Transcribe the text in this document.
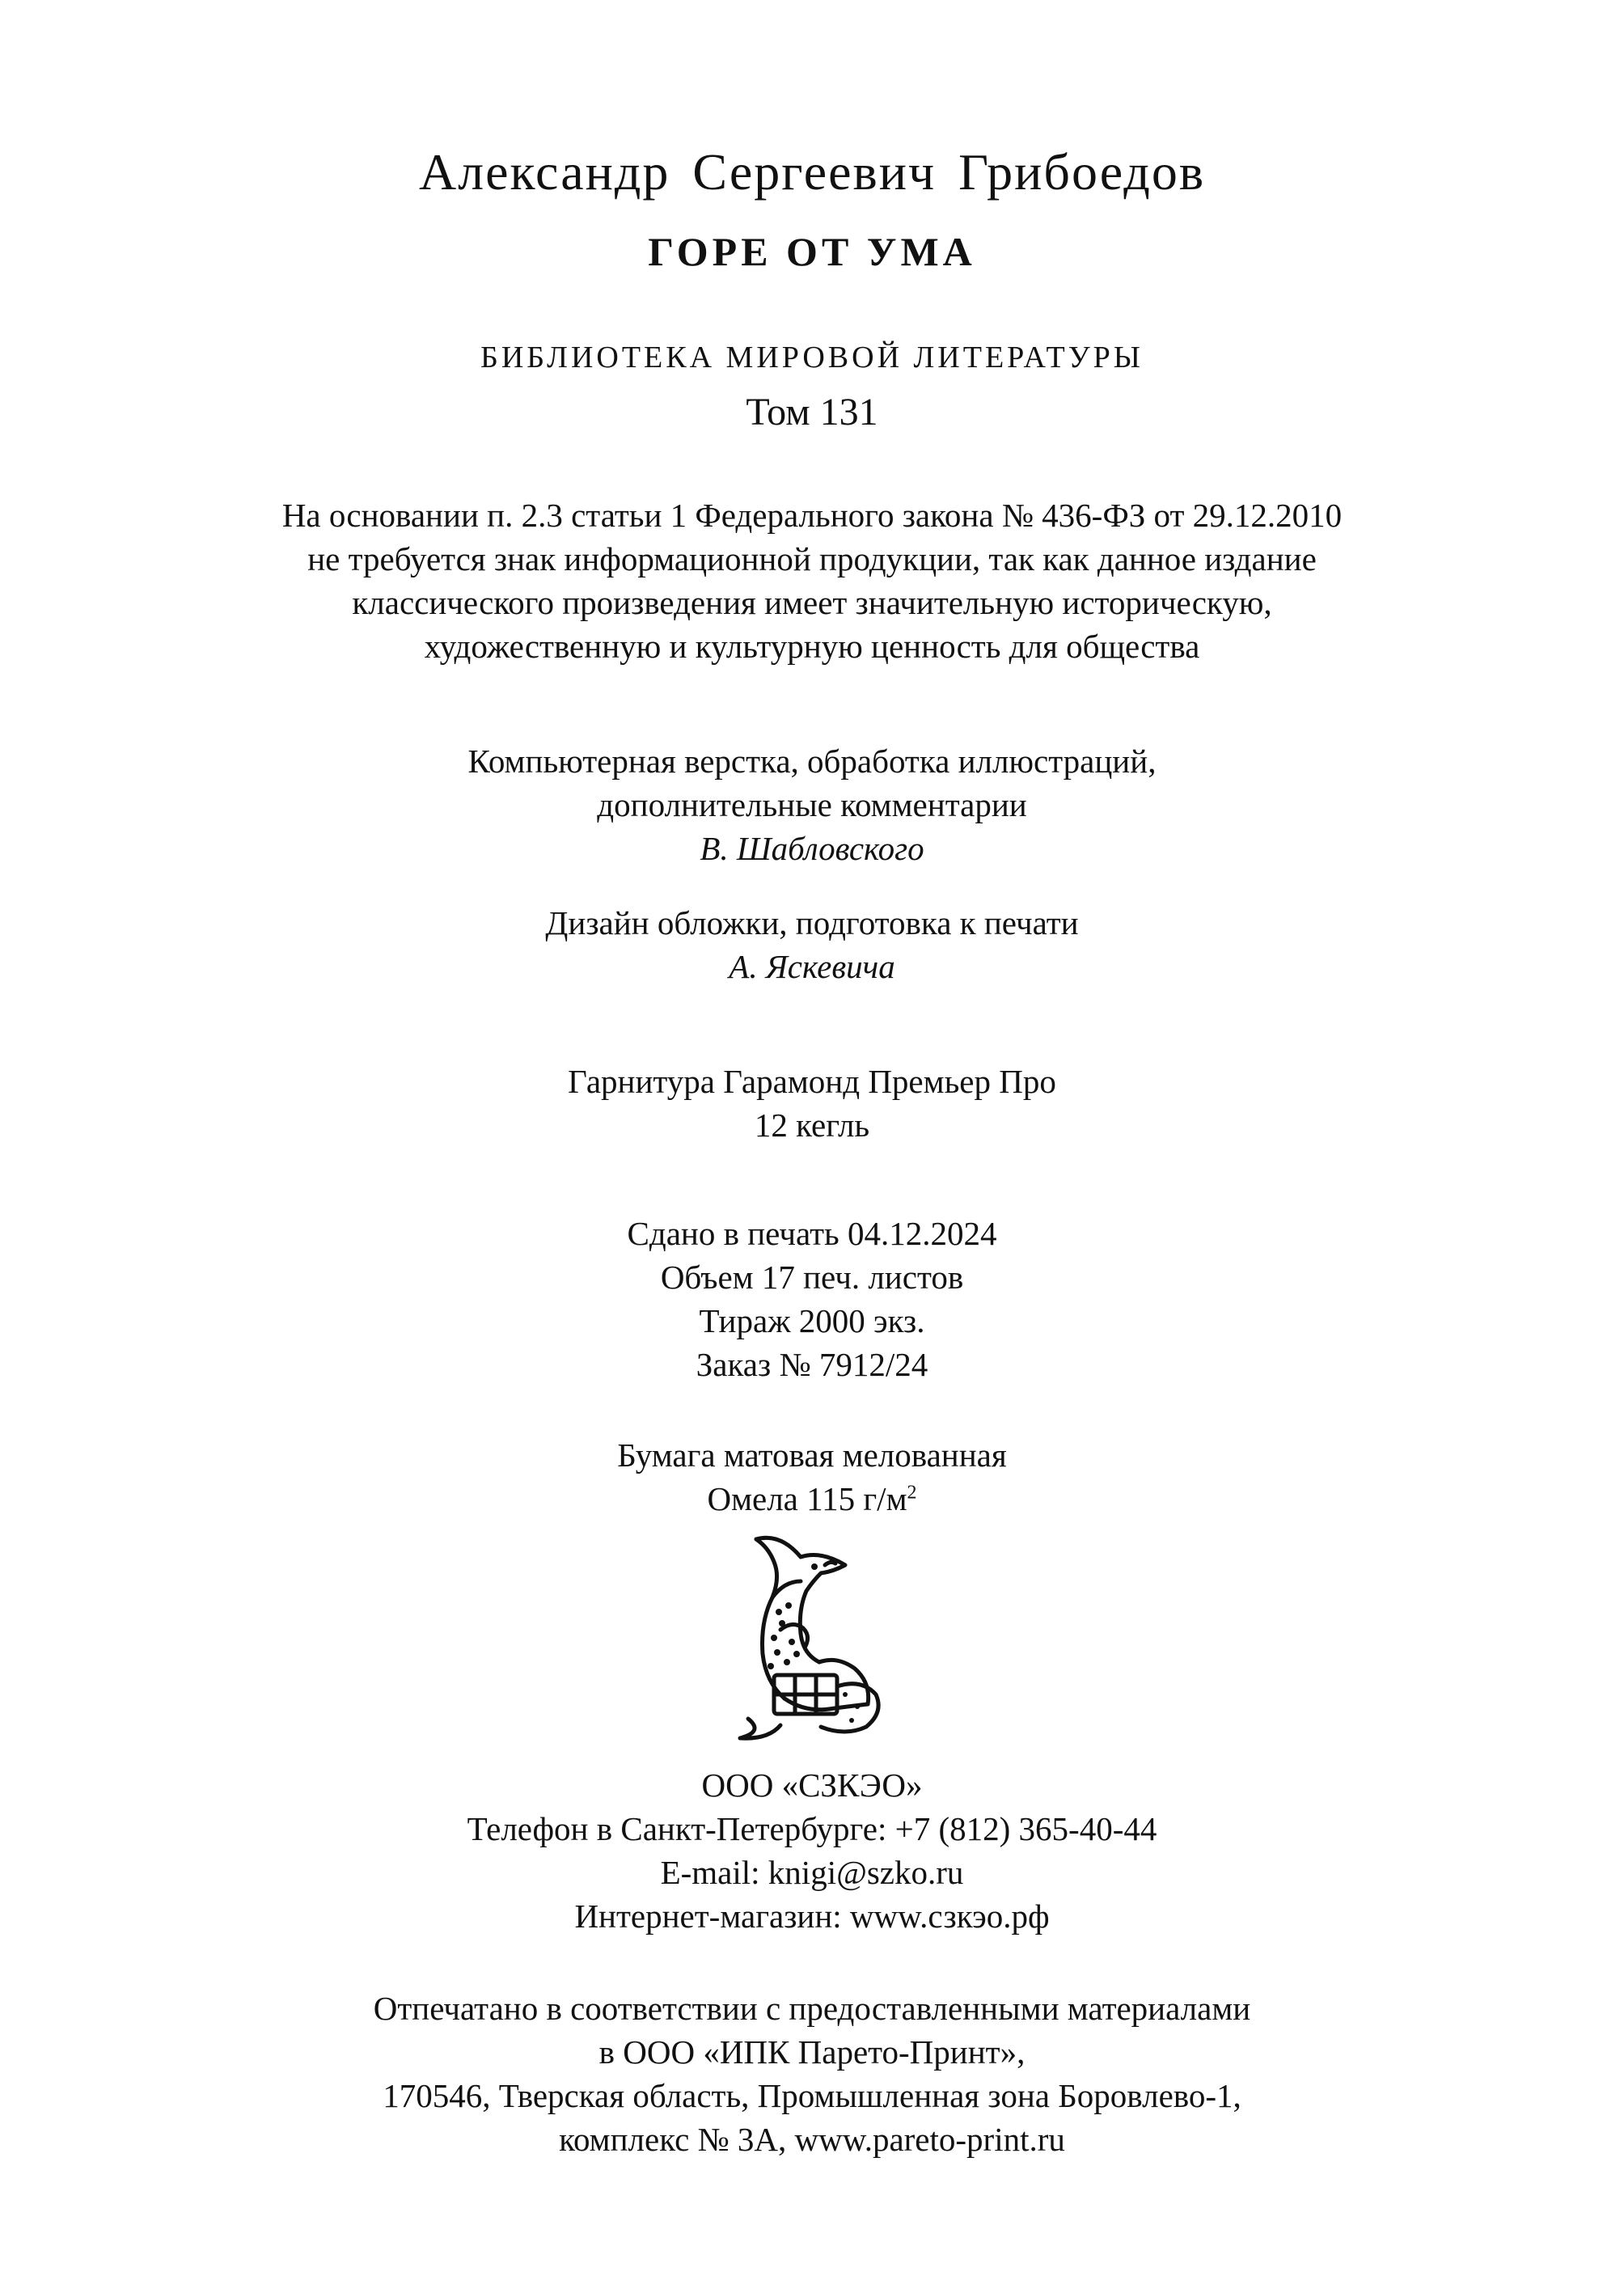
Александр Сергеевич Грибоедов
ГОРЕ ОТ УМА
БИБЛИОТЕКА МИРОВОЙ ЛИТЕРАТУРЫ
Том 131
На основании п. 2.3 статьи 1 Федерального закона № 436-ФЗ от 29.12.2010
не требуется знак информационной продукции, так как данное издание
классического произведения имеет значительную историческую,
художественную и культурную ценность для общества
Компьютерная верстка, обработка иллюстраций,
дополнительные комментарии
В. Шабловского
Дизайн обложки, подготовка к печати
А. Яскевича
Гарнитура Гарамонд Премьер Про
12 кегль
Сдано в печать 04.12.2024
Объем 17 печ. листов
Тираж 2000 экз.
Заказ № 7912/24
Бумага матовая мелованная
Омела 115 $г/м^2$
ООО «СЗКЭО»
Телефон в Санкт-Петербурге: +7 (812) 365-40-44
E-mail: knigi@szko.ru
Интернет-магазин: www.сзкэо.рф
Отпечатано в соответствии с предоставленными материалами
в ООО «ИПК Парето-Принт»,
170546, Тверская область, Промышленная зона Боровлево-1,
комплекс № 3А, www.pareto-print.ru
